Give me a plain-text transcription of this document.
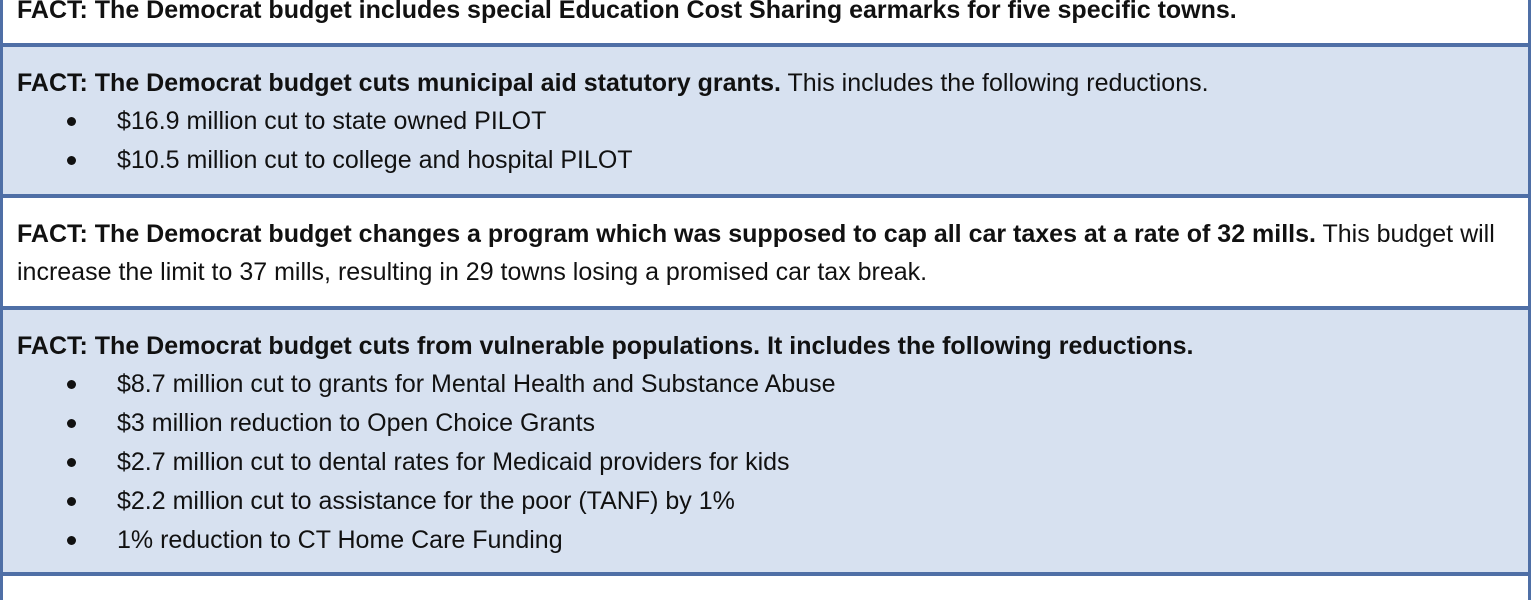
FACT: The Democrat budget includes special Education Cost Sharing earmarks for five specific towns.

FACT: The Democrat budget cuts municipal aid statutory grants. This includes the following reductions.

$16.9 million cut to state owned PILOT
$10.5 million cut to college and hospital PILOT

FACT: The Democrat budget changes a program which was supposed to cap all car taxes at a rate of 32 mills. This budget will increase the limit to 37 mills, resulting in 29 towns losing a promised car tax break.

FACT: The Democrat budget cuts from vulnerable populations. It includes the following reductions.

$8.7 million cut to grants for Mental Health and Substance Abuse
$3 million reduction to Open Choice Grants
$2.7 million cut to dental rates for Medicaid providers for kids
$2.2 million cut to assistance for the poor (TANF) by 1%
1% reduction to CT Home Care Funding
